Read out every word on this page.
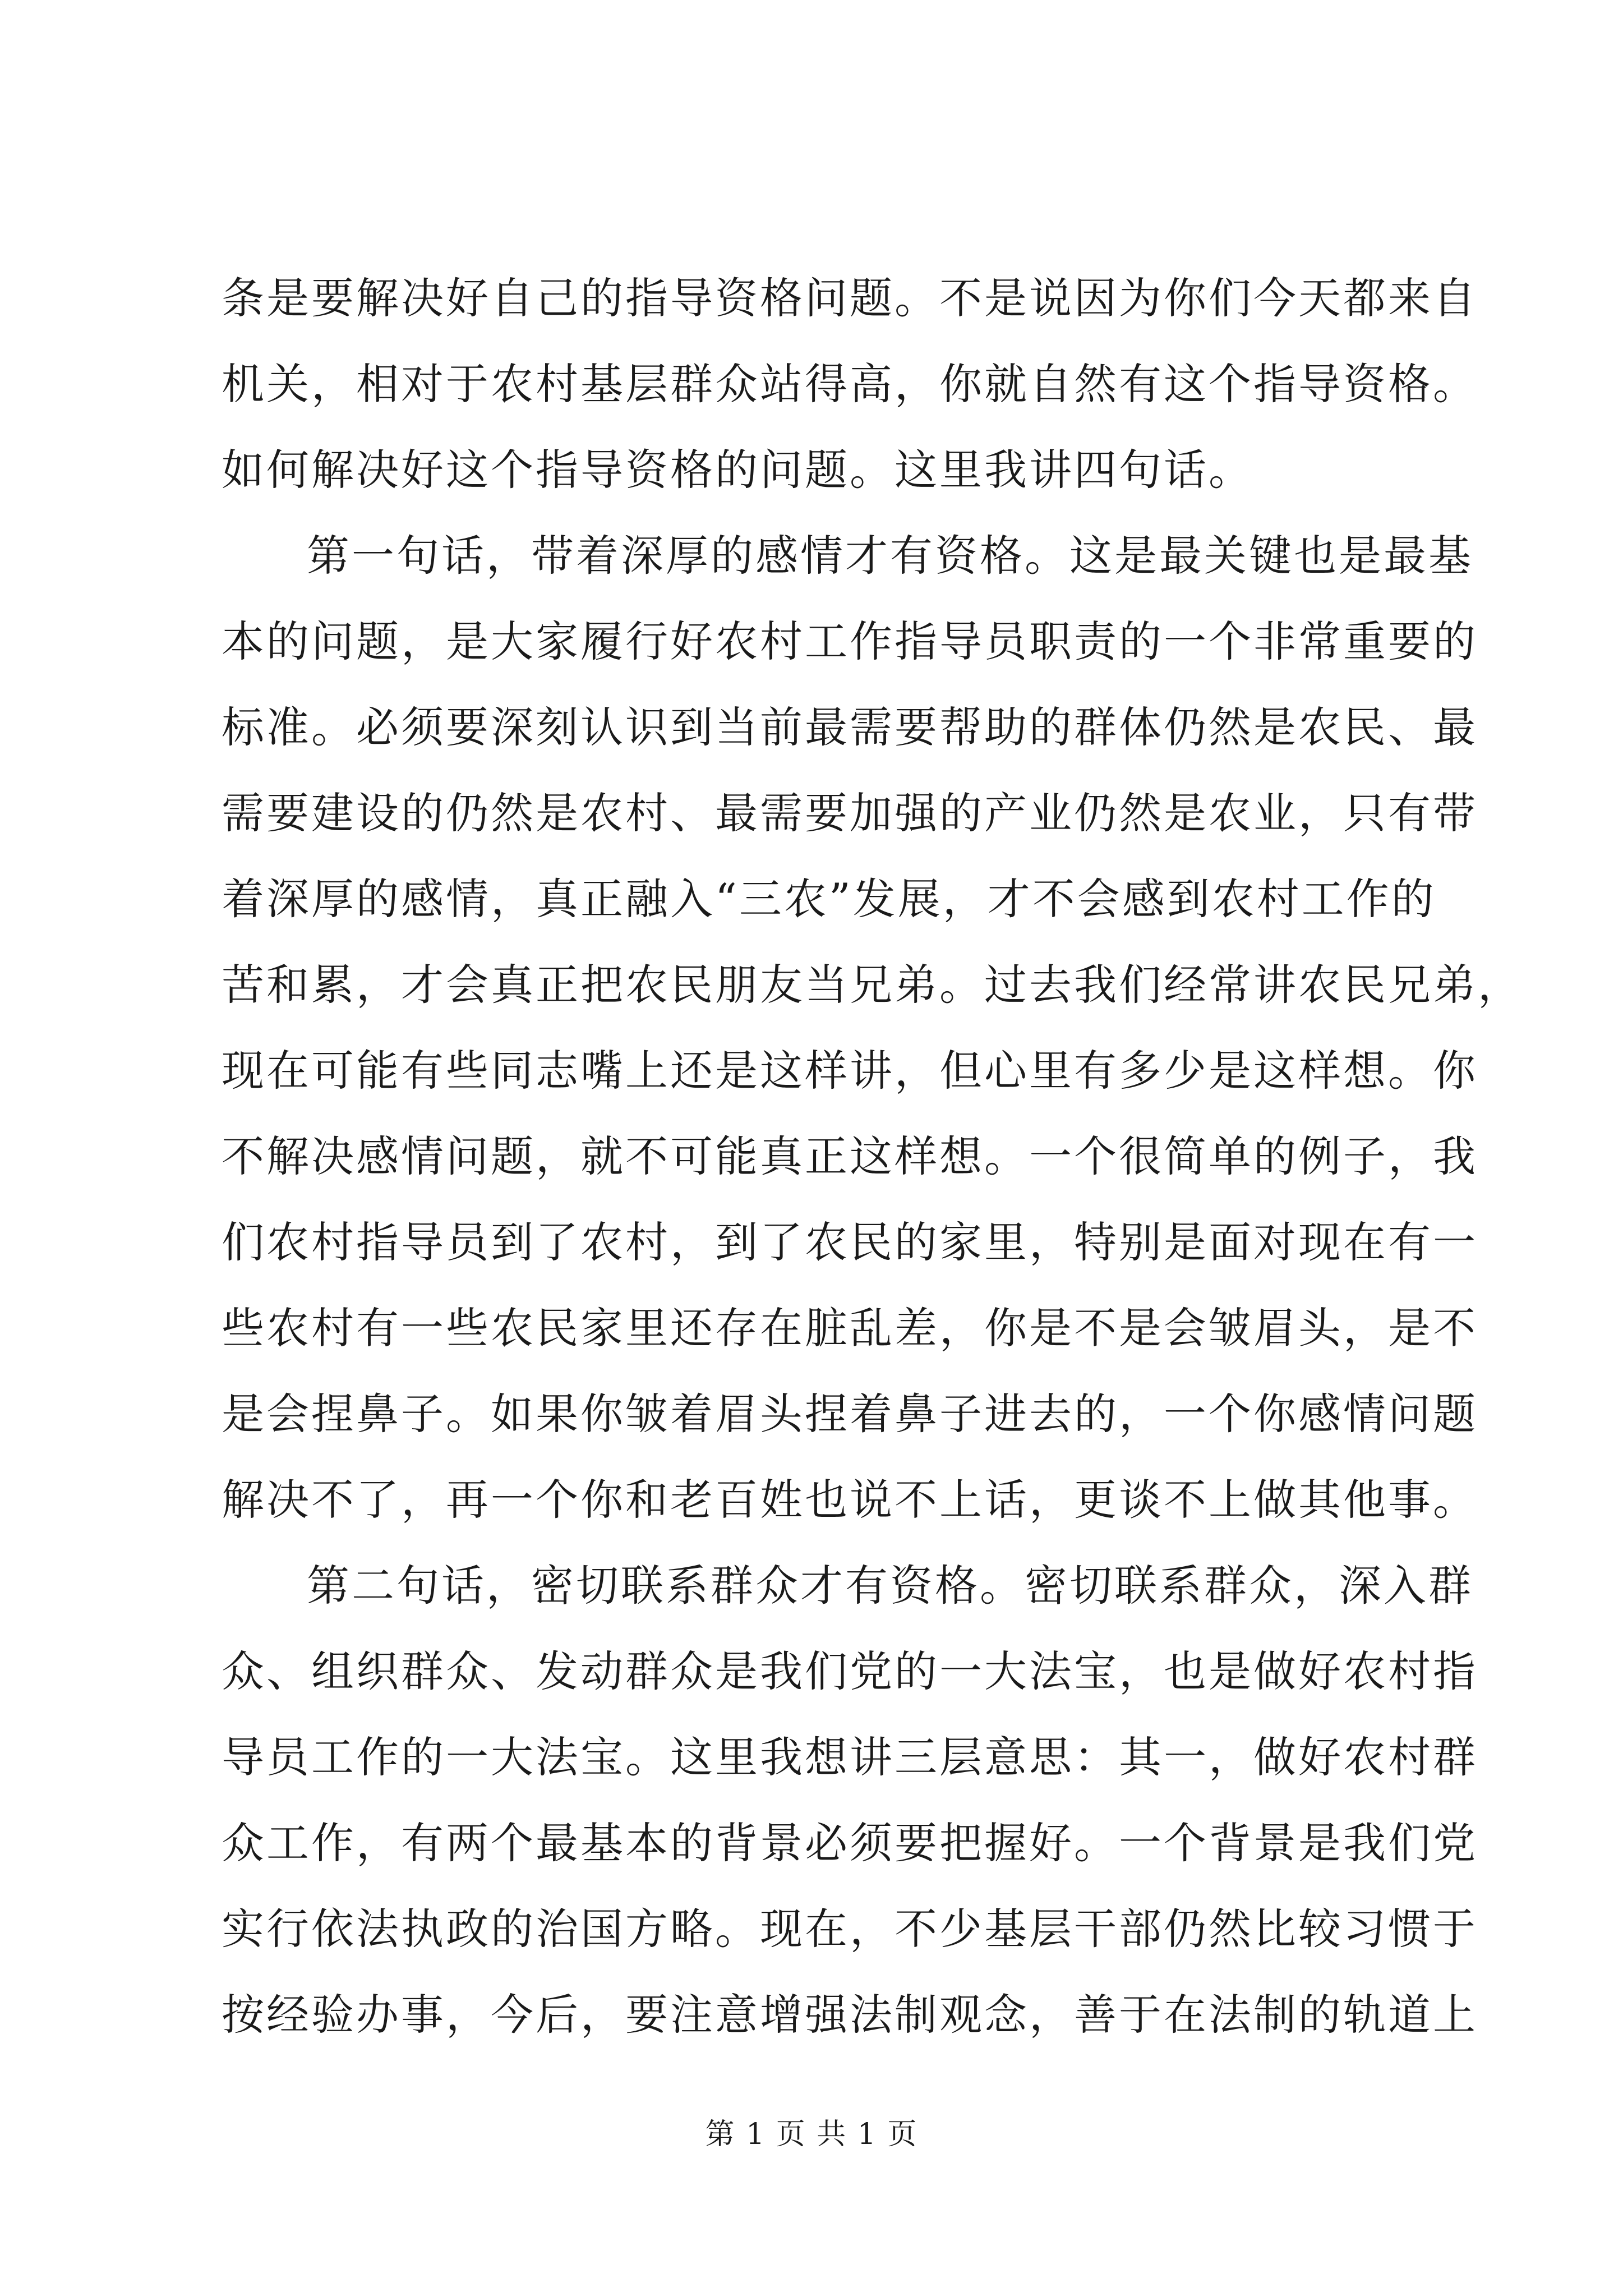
条是要解决好自己的指导资格问题。不是说因为你们今天都来自
机关，相对于农村基层群众站得高，你就自然有这个指导资格。
如何解决好这个指导资格的问题。这里我讲四句话。
第一句话，带着深厚的感情才有资格。这是最关键也是最基
本的问题，是大家履行好农村工作指导员职责的一个非常重要的
标准。必须要深刻认识到当前最需要帮助的群体仍然是农民、最
需要建设的仍然是农村、最需要加强的产业仍然是农业，只有带
着深厚的感情，真正融入“三农”发展，才不会感到农村工作的
苦和累，才会真正把农民朋友当兄弟。过去我们经常讲农民兄弟，
现在可能有些同志嘴上还是这样讲，但心里有多少是这样想。你
不解决感情问题，就不可能真正这样想。一个很简单的例子，我
们农村指导员到了农村，到了农民的家里，特别是面对现在有一
些农村有一些农民家里还存在脏乱差，你是不是会皱眉头，是不
是会捏鼻子。如果你皱着眉头捏着鼻子进去的，一个你感情问题
解决不了，再一个你和老百姓也说不上话，更谈不上做其他事。
第二句话，密切联系群众才有资格。密切联系群众，深入群
众、组织群众、发动群众是我们党的一大法宝，也是做好农村指
导员工作的一大法宝。这里我想讲三层意思：其一，做好农村群
众工作，有两个最基本的背景必须要把握好。一个背景是我们党
实行依法执政的治国方略。现在，不少基层干部仍然比较习惯于
按经验办事，今后，要注意增强法制观念，善于在法制的轨道上
第 1 页 共 1 页
